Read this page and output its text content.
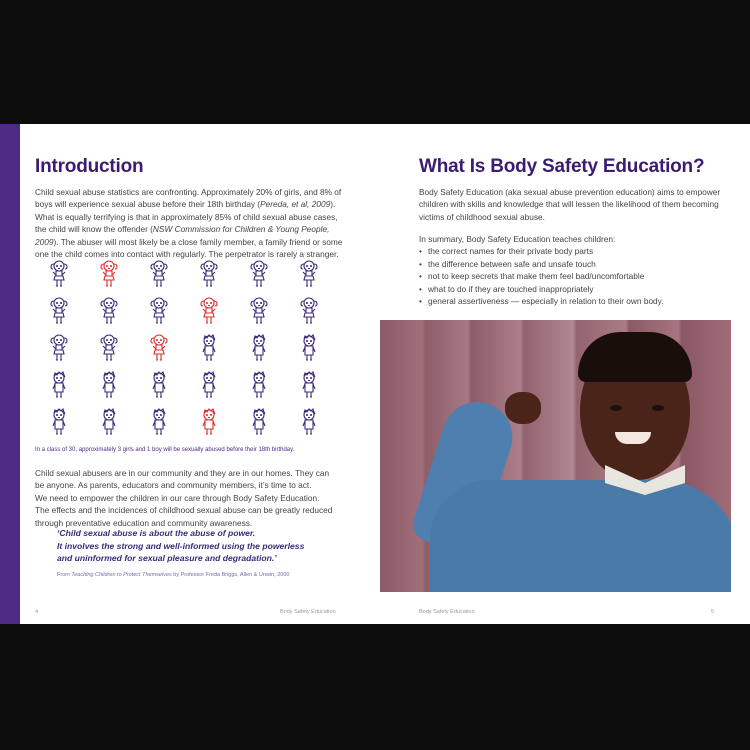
Introduction
Child sexual abuse statistics are confronting. Approximately 20% of girls, and 8% of
boys will experience sexual abuse before their 18th birthday (Pereda, et al, 2009).
What is equally terrifying is that in approximately 85% of child sexual abuse cases,
the child will know the offender (NSW Commission for Children & Young People,
2009). The abuser will most likely be a close family member, a family friend or some
one the child comes into contact with regularly. The perpetrator is rarely a stranger.
In a class of 30, approximately 3 girls and 1 boy will be sexually abused before their 18th birthday.
Child sexual abusers are in our community and they are in our homes. They can
be anyone. As parents, educators and community members, it’s time to act.
We need to empower the children in our care through Body Safety Education.
The effects and the incidences of childhood sexual abuse can be greatly reduced
through preventative education and community awareness.
‘Child sexual abuse is about the abuse of power.
It involves the strong and well-informed using the powerless
and uninformed for sexual pleasure and degradation.’
From Teaching Children to Protect Themselves by Professor Freda Briggs, Allen & Unwin, 2000
4	Body Safety Education
What Is Body Safety Education?
Body Safety Education (aka sexual abuse prevention education) aims to empower
children with skills and knowledge that will lessen the likelihood of them becoming
victims of childhood sexual abuse.
In summary, Body Safety Education teaches children:
• the correct names for their private body parts
• the difference between safe and unsafe touch
• not to keep secrets that make them feel bad/uncomfortable
• what to do if they are touched inappropriately
• general assertiveness — especially in relation to their own body.
Body Safety Education	5
